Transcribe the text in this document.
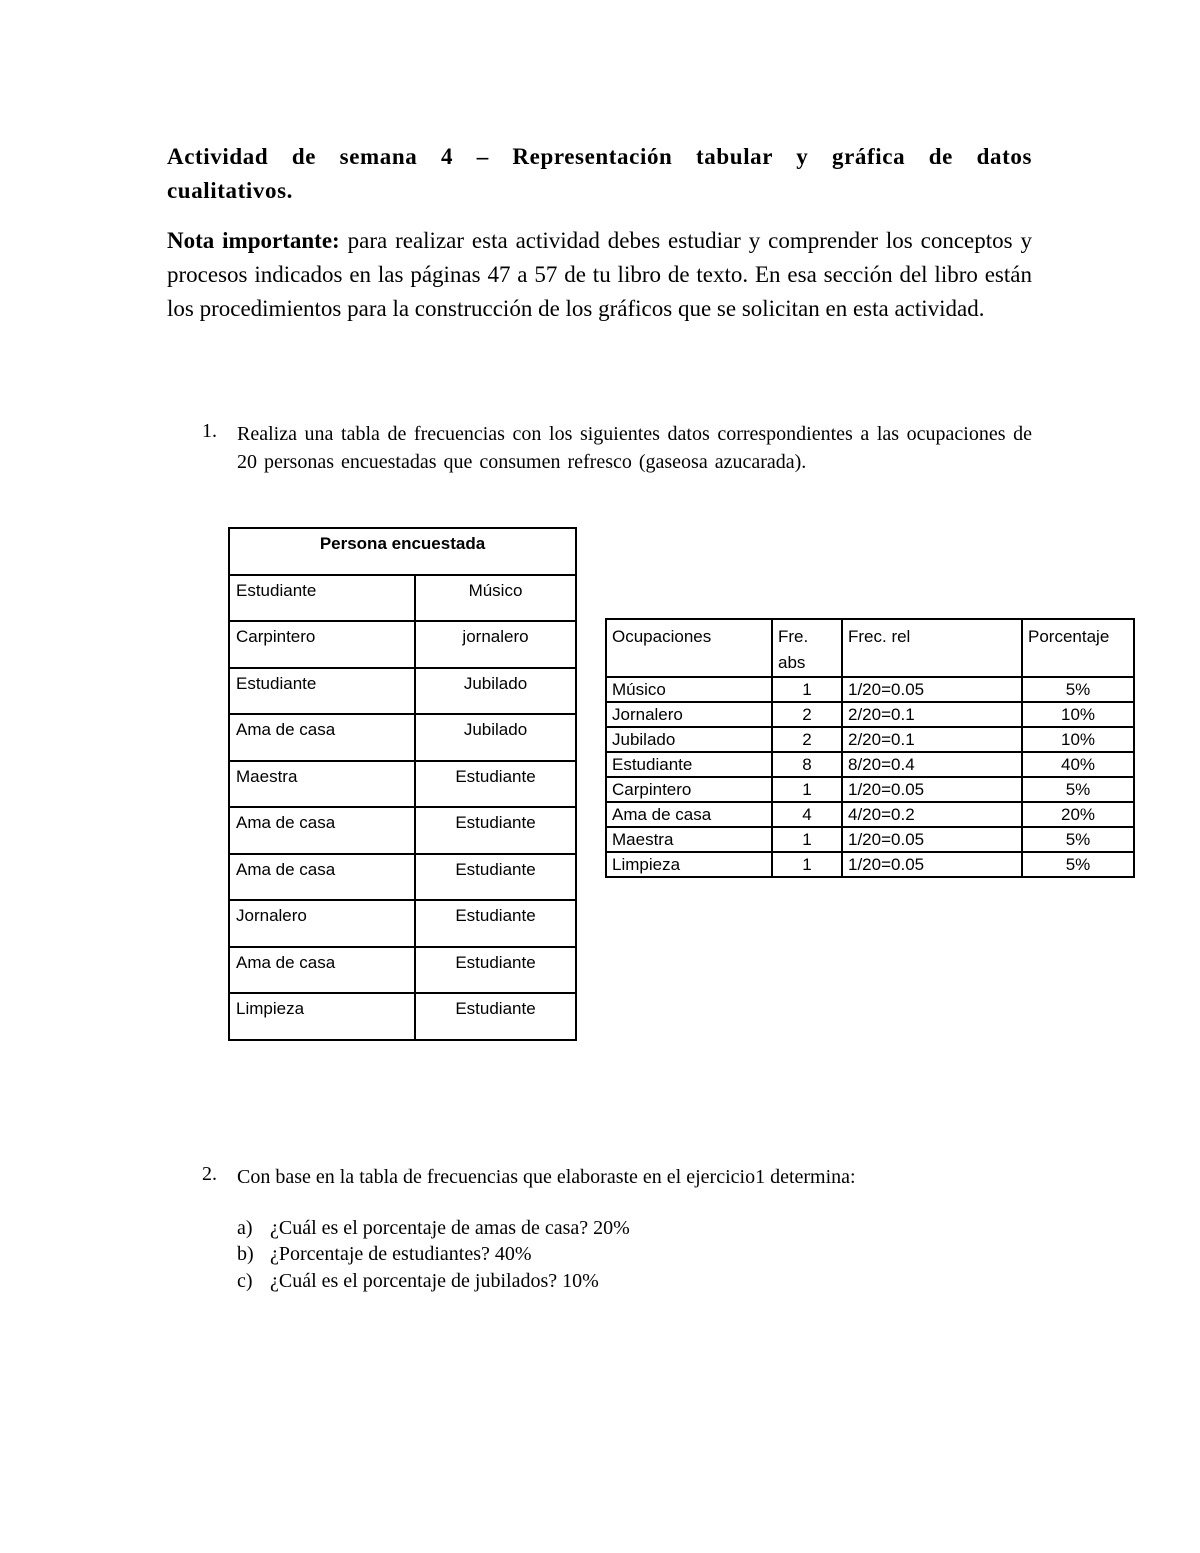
Actividad de semana 4 – Representación tabular y gráfica de datos cualitativos.
Nota importante: para realizar esta actividad debes estudiar y comprender los conceptos y procesos indicados en las páginas 47 a 57 de tu libro de texto. En esa sección del libro están los procedimientos para la construcción de los gráficos que se solicitan en esta actividad.
1. Realiza una tabla de frecuencias con los siguientes datos correspondientes a las ocupaciones de 20 personas encuestadas que consumen refresco (gaseosa azucarada).
Persona encuestada	
Estudiante	Músico
Carpintero	jornalero
Estudiante	Jubilado
Ama de casa	Jubilado
Maestra	Estudiante
Ama de casa	Estudiante
Ama de casa	Estudiante
Jornalero	Estudiante
Ama de casa	Estudiante
Limpieza	Estudiante
Ocupaciones	Fre. abs	Frec. rel	Porcentaje
Músico	1	1/20=0.05	5%
Jornalero	2	2/20=0.1	10%
Jubilado	2	2/20=0.1	10%
Estudiante	8	8/20=0.4	40%
Carpintero	1	1/20=0.05	5%
Ama de casa	4	4/20=0.2	20%
Maestra	1	1/20=0.05	5%
Limpieza	1	1/20=0.05	5%
2. Con base en la tabla de frecuencias que elaboraste en el ejercicio1 determina:
a) ¿Cuál es el porcentaje de amas de casa? 20%
b) ¿Porcentaje de estudiantes? 40%
c) ¿Cuál es el porcentaje de jubilados? 10%
